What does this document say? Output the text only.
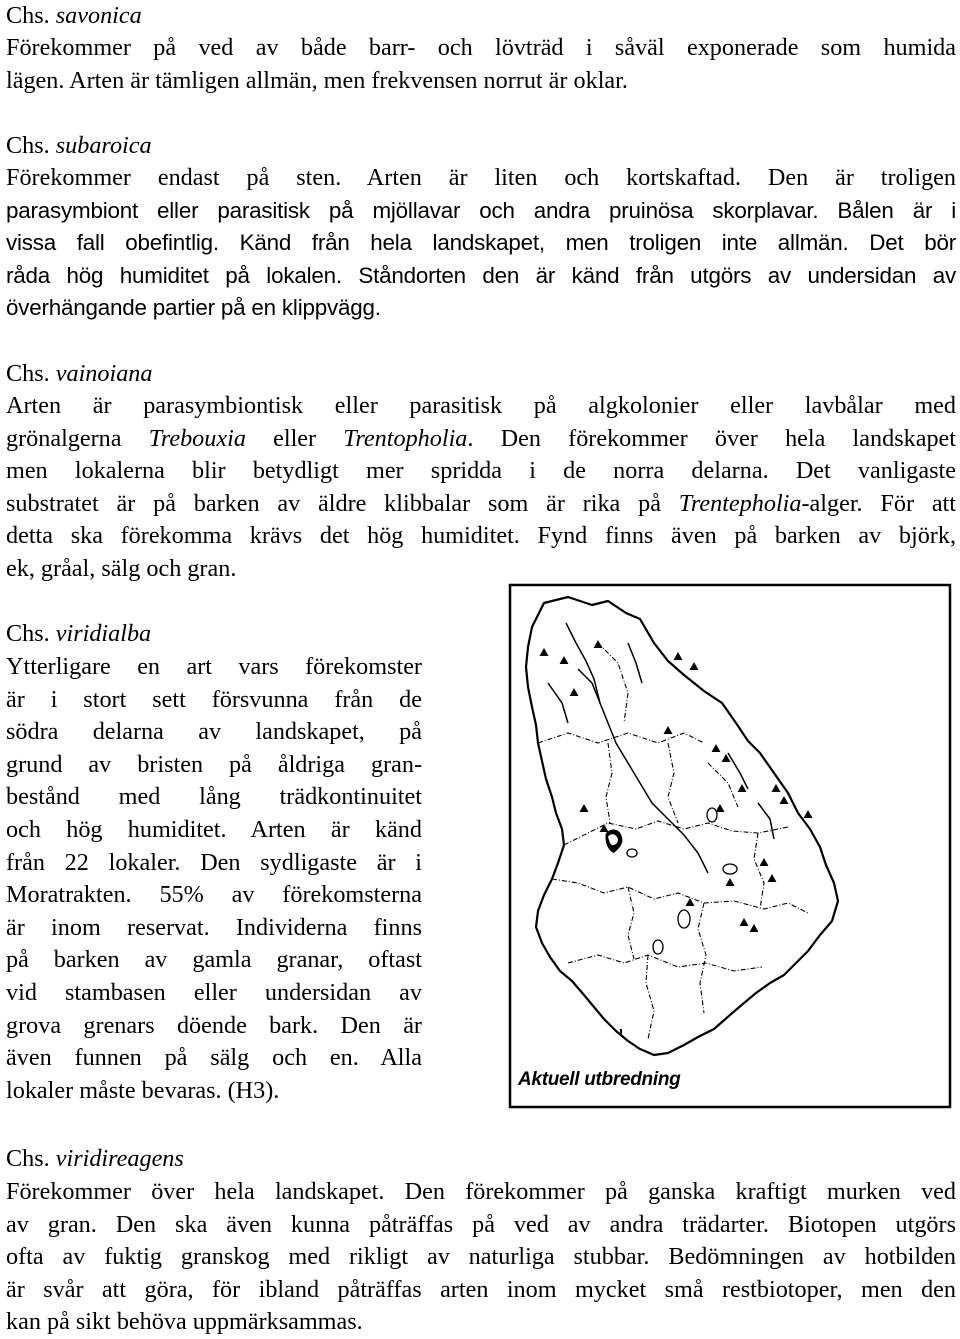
Chs. savonica
Förekommer på ved av både barr- och lövträd i såväl exponerade som humida
lägen. Arten är tämligen allmän, men frekvensen norrut är oklar.
Chs. subaroica
Förekommer endast på sten. Arten är liten och kortskaftad. Den är troligen
parasymbiont eller parasitisk på mjöllavar och andra pruinösa skorplavar. Bålen är i
vissa fall obefintlig. Känd från hela landskapet, men troligen inte allmän. Det bör
råda hög humiditet på lokalen. Ståndorten den är känd från utgörs av undersidan av
överhängande partier på en klippvägg.
Chs. vainoiana
Arten är parasymbiontisk eller parasitisk på algkolonier eller lavbålar med
grönalgerna Trebouxia eller Trentopholia. Den förekommer över hela landskapet
men lokalerna blir betydligt mer spridda i de norra delarna. Det vanligaste
substratet är på barken av äldre klibbalar som är rika på Trentepholia-alger. För att
detta ska förekomma krävs det hög humiditet. Fynd finns även på barken av björk,
ek, gråal, sälg och gran.
Chs. viridialba
Ytterligare en art vars förekomster
är i stort sett försvunna från de
södra delarna av landskapet, på
grund av bristen på åldriga gran-
bestånd med lång trädkontinuitet
och hög humiditet. Arten är känd
från 22 lokaler. Den sydligaste är i
Moratrakten. 55% av förekomsterna
är inom reservat. Individerna finns
på barken av gamla granar, oftast
vid stambasen eller undersidan av
grova grenars döende bark. Den är
även funnen på sälg och en. Alla
lokaler måste bevaras. (H3).	Aktuell utbredning
Chs. viridireagens
Förekommer över hela landskapet. Den förekommer på ganska kraftigt murken ved
av gran. Den ska även kunna påträffas på ved av andra trädarter. Biotopen utgörs
ofta av fuktig granskog med rikligt av naturliga stubbar. Bedömningen av hotbilden
är svår att göra, för ibland påträffas arten inom mycket små restbiotoper, men den
kan på sikt behöva uppmärksammas.
